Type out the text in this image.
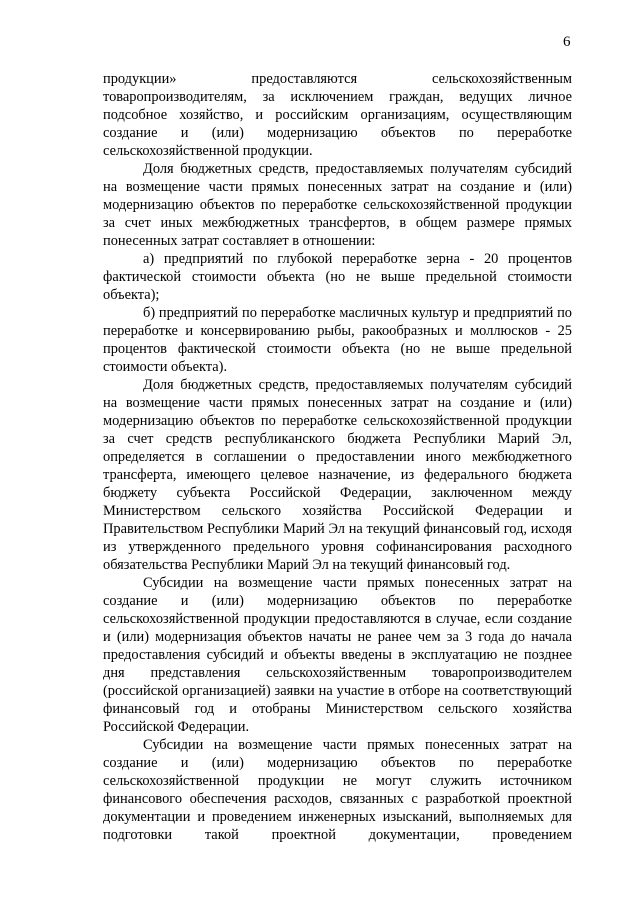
6

продукции» предоставляются сельскохозяйственным товаропроизводителям, за исключением граждан, ведущих личное подсобное хозяйство, и российским организациям, осуществляющим создание и (или) модернизацию объектов по переработке сельскохозяйственной продукции.

Доля бюджетных средств, предоставляемых получателям субсидий на возмещение части прямых понесенных затрат на создание и (или) модернизацию объектов по переработке сельскохозяйственной продукции за счет иных межбюджетных трансфертов, в общем размере прямых понесенных затрат составляет в отношении:

а) предприятий по глубокой переработке зерна - 20 процентов фактической стоимости объекта (но не выше предельной стоимости объекта);

б) предприятий по переработке масличных культур и предприятий по переработке и консервированию рыбы, ракообразных и моллюсков - 25 процентов фактической стоимости объекта (но не выше предельной стоимости объекта).

Доля бюджетных средств, предоставляемых получателям субсидий на возмещение части прямых понесенных затрат на создание и (или) модернизацию объектов по переработке сельскохозяйственной продукции за счет средств республиканского бюджета Республики Марий Эл, определяется в соглашении о предоставлении иного межбюджетного трансферта, имеющего целевое назначение, из федерального бюджета бюджету субъекта Российской Федерации, заключенном между Министерством сельского хозяйства Российской Федерации и Правительством Республики Марий Эл на текущий финансовый год, исходя из утвержденного предельного уровня софинансирования расходного обязательства Республики Марий Эл на текущий финансовый год.

Субсидии на возмещение части прямых понесенных затрат на создание и (или) модернизацию объектов по переработке сельскохозяйственной продукции предоставляются в случае, если создание и (или) модернизация объектов начаты не ранее чем за 3 года до начала предоставления субсидий и объекты введены в эксплуатацию не позднее дня представления сельскохозяйственным товаропроизводителем (российской организацией) заявки на участие в отборе на соответствующий финансовый год и отобраны Министерством сельского хозяйства Российской Федерации.

Субсидии на возмещение части прямых понесенных затрат на создание и (или) модернизацию объектов по переработке сельскохозяйственной продукции не могут служить источником финансового обеспечения расходов, связанных с разработкой проектной документации и проведением инженерных изысканий, выполняемых для подготовки такой проектной документации, проведением
